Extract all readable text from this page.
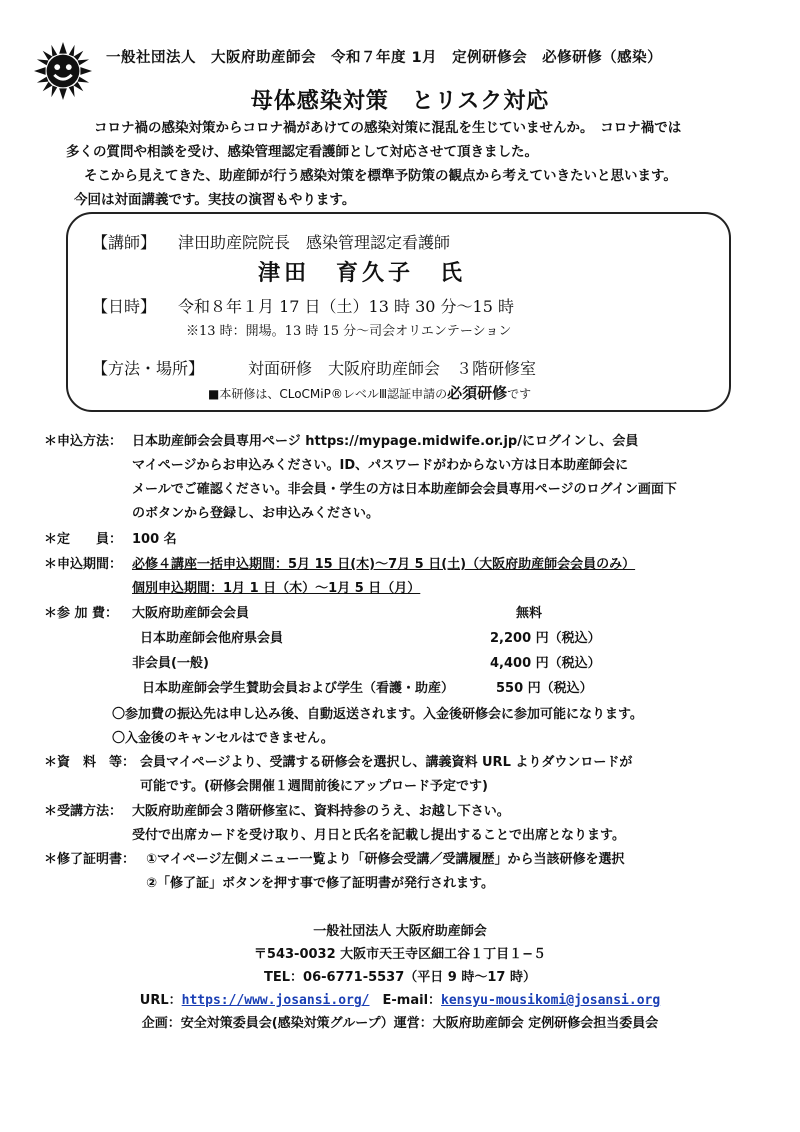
一般社団法人　大阪府助産師会　令和７年度 1月　定例研修会　必修研修（感染）
母体感染対策　とリスク対応
コロナ禍の感染対策からコロナ禍があけての感染対策に混乱を生じていませんか。　コロナ禍では
多くの質問や相談を受け、感染管理認定看護師として対応させて頂きました。
そこから見えてきた、助産師が行う感染対策を標準予防策の観点から考えていきたいと思います。
今回は対面講義です。実技の演習もやります。
【講師】 津田助産院院長　感染管理認定看護師
津田　育久子　氏
【日時】 令和８年１月 17 日（土）13 時 30 分～15 時
※13 時：開場。13 時 15 分～司会オリエンテーション
【方法・場所】	対面研修　大阪府助産師会　３階研修室
■本研修は、CLoCMiP®レベルⅢ認証申請の必須研修です
＊申込方法： 日本助産師会会員専用ページ https://mypage.midwife.or.jp/にログインし、会員
マイページからお申込みください。ID、パスワードがわからない方は日本助産師会に
メールでご確認ください。非会員・学生の方は日本助産師会会員専用ページのログイン画面下
のボタンから登録し、お申込みください。
＊定　　員： 100 名
＊申込期間： 必修４講座一括申込期間：5月 15 日(木)～7月 5 日(土)（大阪府助産師会会員のみ）
個別申込期間：1月 1 日（木）～1月 5 日（月）
＊参 加 費： 大阪府助産師会会員	無料
日本助産師会他府県会員	2,200 円（税込）
非会員(一般)	4,400 円（税込）
日本助産師会学生賛助会員および学生（看護・助産）	550 円（税込）
〇参加費の振込先は申し込み後、自動返送されます。入金後研修会に参加可能になります。
〇入金後のキャンセルはできません。
＊資　料　等： 会員マイページより、受講する研修会を選択し、講義資料 URL よりダウンロードが
可能です。(研修会開催１週間前後にアップロード予定です)
＊受講方法： 大阪府助産師会３階研修室に、資料持参のうえ、お越し下さい。
受付で出席カードを受け取り、月日と氏名を記載し提出することで出席となります。
＊修了証明書： ①マイページ左側メニュー一覧より「研修会受講／受講履歴」から当該研修を選択
②「修了証」ボタンを押す事で修了証明書が発行されます。
一般社団法人 大阪府助産師会
〒543-0032 大阪市天王寺区細工谷１丁目１−５
TEL：06-6771-5537（平日 9 時～17 時）
URL：https://www.josansi.org/　 E-mail：kensyu-mousikomi@josansi.org
企画：安全対策委員会(感染対策グループ）運営：大阪府助産師会 定例研修会担当委員会
